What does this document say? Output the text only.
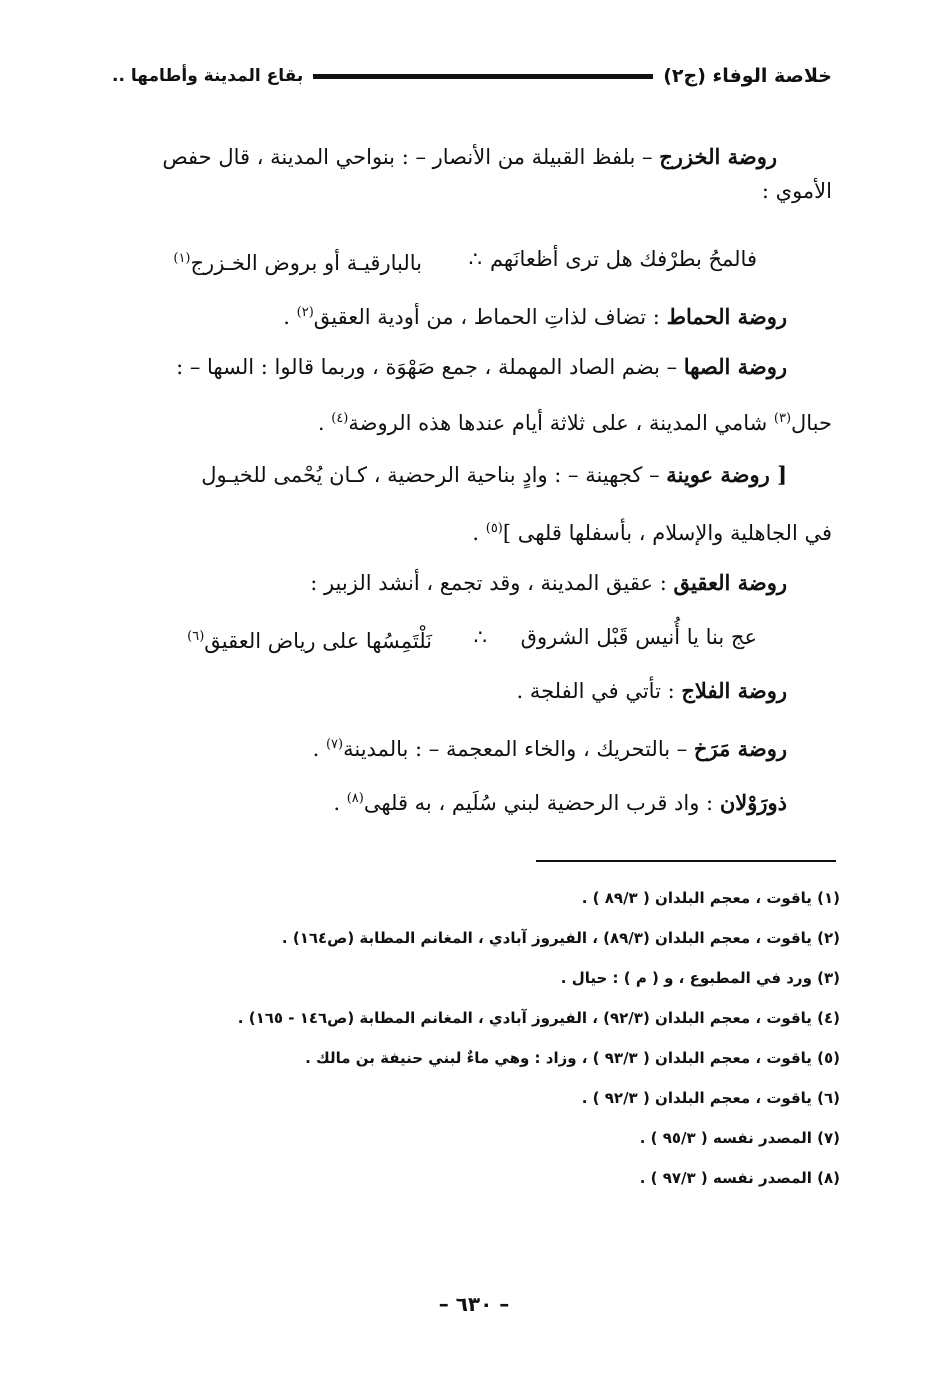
خلاصة الوفاء (ج٢)
بقاع المدينة وأطامها ..
روضة الخزرج – بلفظ القبيلة من الأنصار – : بنواحي المدينة ، قال حفص
الأموي :
فالمحُ بطرْفك هل ترى أظعانَهم
∴
بالبارقيـة أو بروض الخـزرج$^{(١)}$
روضة الحماط : تضاف لذاتِ الحماط ، من أودية العقيق$^{(٢)}$ .
روضة الصها – بضم الصاد المهملة ، جمع صَهْوَة ، وربما قالوا : السها – :
حبال$^{(٣)}$ شامي المدينة ، على ثلاثة أيام عندها هذه الروضة$^{(٤)}$ .
[ روضة عوينة – كجهينة – : وادٍ بناحية الرحضية ، كـان يُحْمى للخيـول
في الجاهلية والإسلام ، بأسفلها قلهى ]$^{(٥)}$ .
روضة العقيق : عقيق المدينة ، وقد تجمع ، أنشد الزبير :
عج بنا يا أُنيس قَبْل الشروق
∴
نَلْتَمِسُها على رياض العقيق$^{(٦)}$
روضة الفلاج : تأتي في الفلجة .
روضة مَرَخ – بالتحريك ، والخاء المعجمة – : بالمدينة$^{(٧)}$ .
ذورَوْلان : واد قرب الرحضية لبني سُلَيم ، به قلهى$^{(٨)}$ .
(١) ياقوت ، معجم البلدان ( ٨٩/٣ ) .
(٢) ياقوت ، معجم البلدان (٨٩/٣) ، الفيروز آبادي ، المغانم المطابة (ص١٦٤) .
(٣) ورد في المطبوع ، و ( م ) : حيال .
(٤) ياقوت ، معجم البلدان (٩٢/٣) ، الفيروز آبادي ، المغانم المطابة (ص١٤٦ - ١٦٥) .
(٥) ياقوت ، معجم البلدان ( ٩٣/٣ ) ، وزاد : وهي ماءٌ لبني حنيفة بن مالك .
(٦) ياقوت ، معجم البلدان ( ٩٢/٣ ) .
(٧) المصدر نفسه ( ٩٥/٣ ) .
(٨) المصدر نفسه ( ٩٧/٣ ) .
– ٦٣٠ –
